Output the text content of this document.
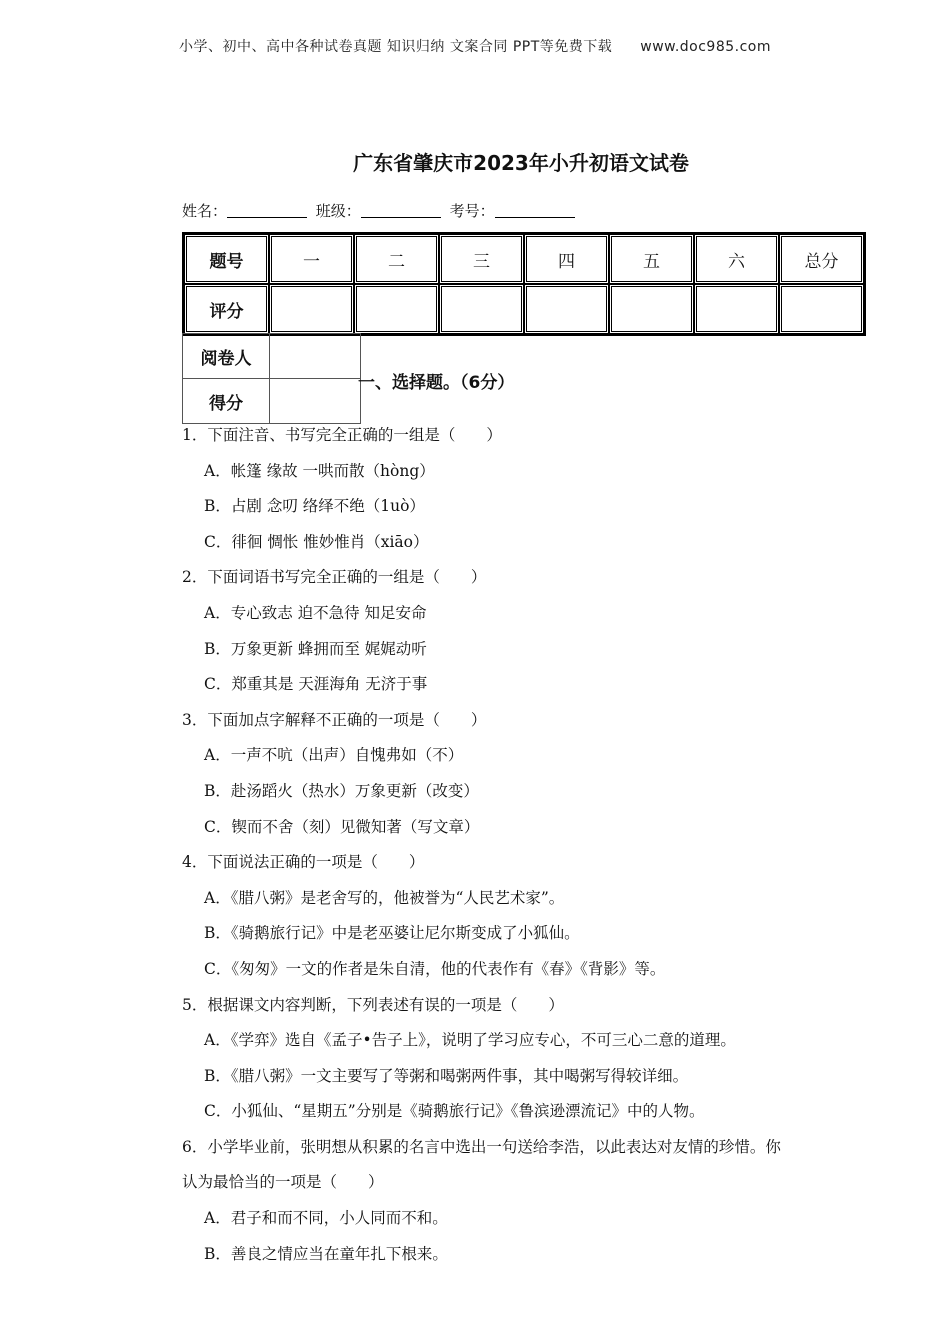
小学、初中、高中各种试卷真题 知识归纳 文案合同 PPT等免费下载 www.doc985.com
广东省肇庆市2023年小升初语文试卷
姓名：	班级：	考号：
题号	一	二	三	四	五	六	总分
评分							
阅卷人	
得分	
一、选择题。（6分）
1．下面注音、书写完全正确的一组是（　　）
A．帐篷 缘故 一哄而散（hòng）
B．占剧 念叨 络绎不绝（1uò）
C．徘徊 惆怅 惟妙惟肖（xiāo）
2．下面词语书写完全正确的一组是（　　）
A．专心致志 迫不急待 知足安命
B．万象更新 蜂拥而至 娓娓动听
C．郑重其是 天涯海角 无济于事
3．下面加点字解释不正确的一项是（　　）
A．一声不吭（出声）自愧弗如（不）
B．赴汤蹈火（热水）万象更新（改变）
C．锲而不舍（刻）见微知著（写文章）
4．下面说法正确的一项是（　　）
A．《腊八粥》是老舍写的，他被誉为“人民艺术家”。
B．《骑鹅旅行记》中是老巫婆让尼尔斯变成了小狐仙。
C．《匆匆》一文的作者是朱自清，他的代表作有《春》《背影》等。
5．根据课文内容判断，下列表述有误的一项是（　　）
A．《学弈》选自《孟子•告子上》，说明了学习应专心，不可三心二意的道理。
B．《腊八粥》一文主要写了等粥和喝粥两件事，其中喝粥写得较详细。
C．小狐仙、“星期五”分别是《骑鹅旅行记》《鲁滨逊漂流记》中的人物。
6．小学毕业前，张明想从积累的名言中选出一句送给李浩，以此表达对友情的珍惜。你
认为最恰当的一项是（　　）
A．君子和而不同，小人同而不和。
B．善良之情应当在童年扎下根来。
